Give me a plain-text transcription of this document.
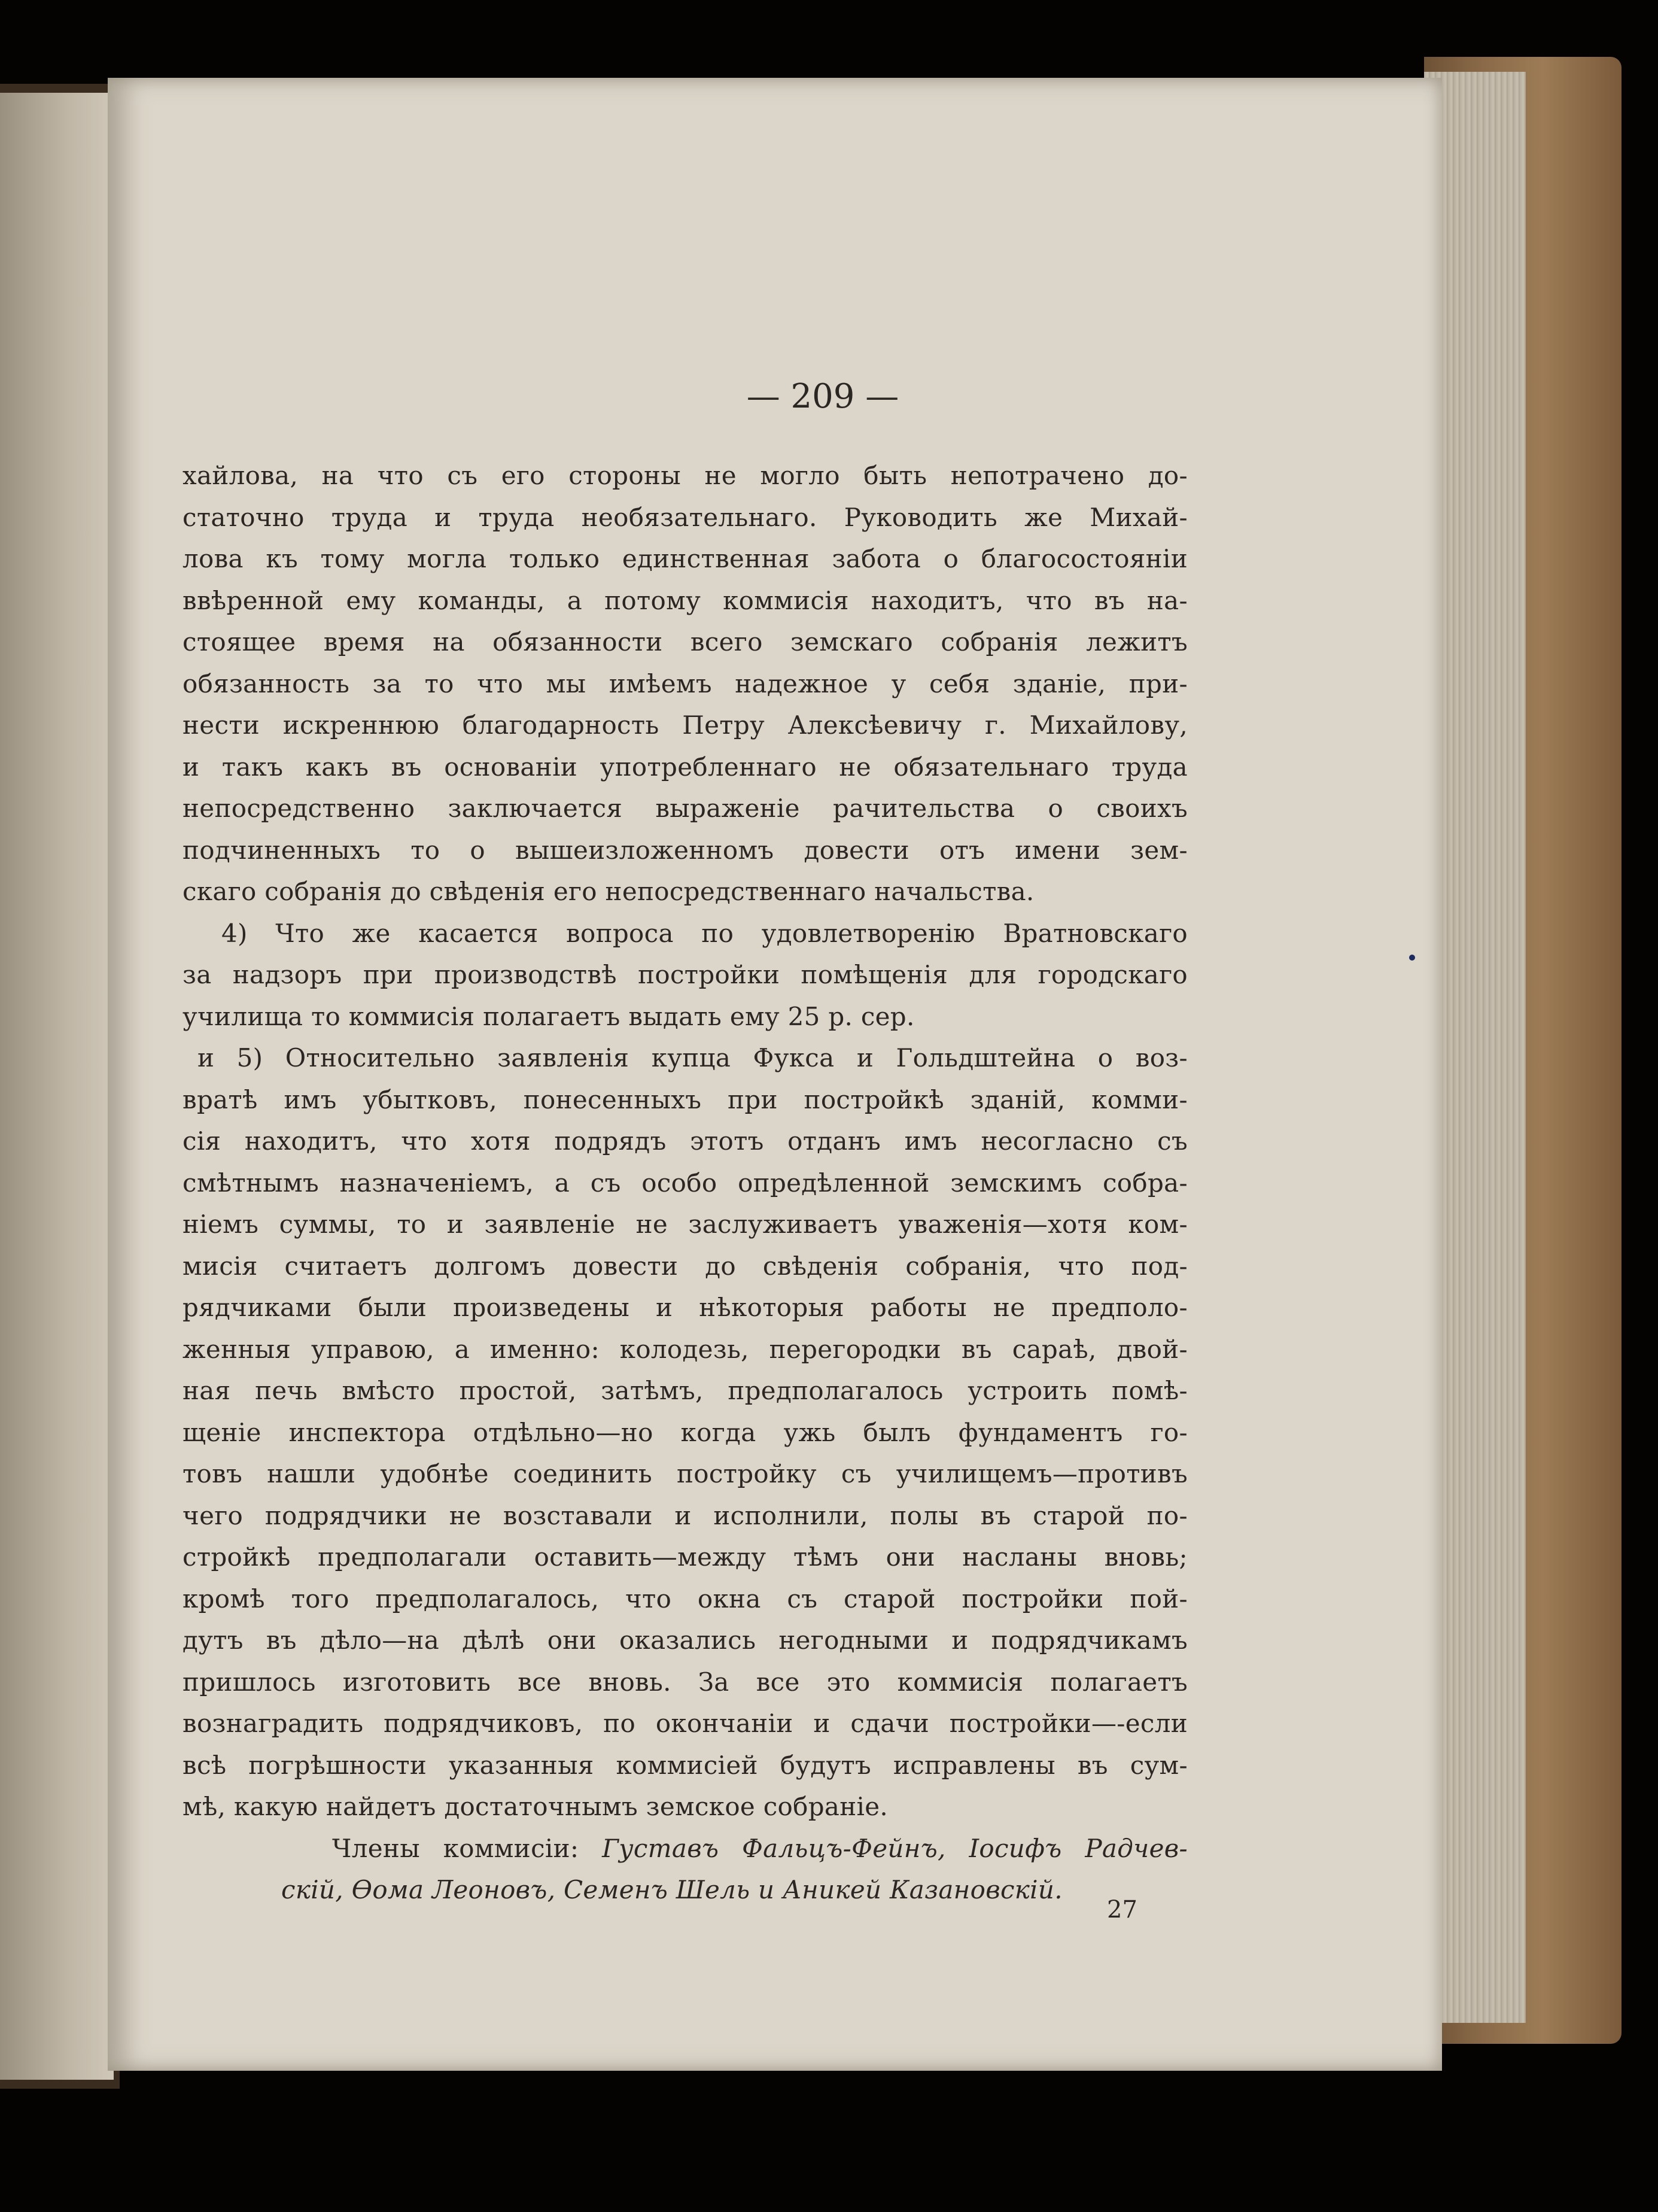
— 209 —
хайлова, на что съ его стороны не могло быть непотрачено до-
статочно труда и труда необязательнаго. Руководить же Михай-
лова къ тому могла только единственная забота о благосостояніи
ввѣренной ему команды, а потому коммисія находитъ, что въ на-
стоящее время на обязанности всего земскаго собранія лежитъ
обязанность за то что мы имѣемъ надежное у себя зданіе, при-
нести искреннюю благодарность Петру Алексѣевичу г. Михайлову,
и такъ какъ въ основаніи употребленнаго не обязательнаго труда
непосредственно заключается выраженіе рачительства о своихъ
подчиненныхъ то о вышеизложенномъ довести отъ имени зем-
скаго собранія до свѣденія его непосредственнаго начальства.
4) Что же касается вопроса по удовлетворенію Вратновскаго
за надзоръ при производствѣ постройки помѣщенія для городскаго
училища то коммисія полагаетъ выдать ему 25 р. сер.
и 5) Относительно заявленія купца Фукса и Гольдштейна о воз-
вратѣ имъ убытковъ, понесенныхъ при постройкѣ зданій, комми-
сія находитъ, что хотя подрядъ этотъ отданъ имъ несогласно съ
смѣтнымъ назначеніемъ, а съ особо опредѣленной земскимъ собра-
ніемъ суммы, то и заявленіе не заслуживаетъ уваженія—хотя ком-
мисія считаетъ долгомъ довести до свѣденія собранія, что под-
рядчиками были произведены и нѣкоторыя работы не предполо-
женныя управою, а именно: колодезь, перегородки въ сараѣ, двой-
ная печь вмѣсто простой, затѣмъ, предполагалось устроить помѣ-
щеніе инспектора отдѣльно—но когда ужь былъ фундаментъ го-
товъ нашли удобнѣе соединить постройку съ училищемъ—противъ
чего подрядчики не возставали и исполнили, полы въ старой по-
стройкѣ предполагали оставить—между тѣмъ они насланы вновь;
кромѣ того предполагалось, что окна съ старой постройки пой-
дутъ въ дѣло—на дѣлѣ они оказались негодными и подрядчикамъ
пришлось изготовить все вновь. За все это коммисія полагаетъ
вознаградить подрядчиковъ, по окончаніи и сдачи постройки—-если
всѣ погрѣшности указанныя коммисіей будутъ исправлены въ сум-
мѣ, какую найдетъ достаточнымъ земское собраніе.
Члены коммисіи: Густавъ Фальцъ-Фейнъ, Іосифъ Радчев-
скій, Ѳома Леоновъ, Семенъ Шель и Аникей Казановскій.
27
